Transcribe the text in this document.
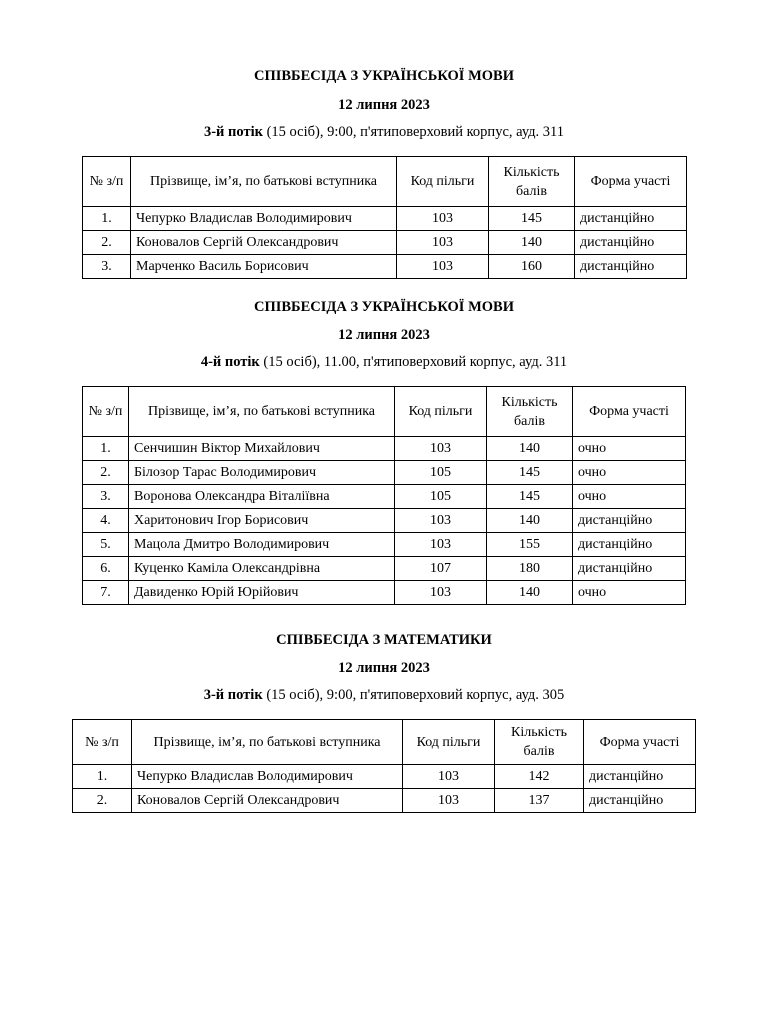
СПІВБЕСІДА З УКРАЇНСЬКОЇ МОВИ
12 липня 2023
3-й потік (15 осіб), 9:00, п'ятиповерховий корпус, ауд. 311
№ з/п	Прізвище, ім’я, по батькові вступника	Код пільги	Кількість балів	Форма участі
1.	Чепурко Владислав Володимирович	103	145	дистанційно
2.	Коновалов Сергій Олександрович	103	140	дистанційно
3.	Марченко Василь Борисович	103	160	дистанційно
СПІВБЕСІДА З УКРАЇНСЬКОЇ МОВИ
12 липня 2023
4-й потік (15 осіб), 11.00, п'ятиповерховий корпус, ауд. 311
№ з/п	Прізвище, ім’я, по батькові вступника	Код пільги	Кількість балів	Форма участі
1.	Сенчишин Віктор Михайлович	103	140	очно
2.	Білозор Тарас Володимирович	105	145	очно
3.	Воронова Олександра Віталіївна	105	145	очно
4.	Харитонович Ігор Борисович	103	140	дистанційно
5.	Мацола Дмитро Володимирович	103	155	дистанційно
6.	Куценко Каміла Олександрівна	107	180	дистанційно
7.	Давиденко Юрій Юрійович	103	140	очно
СПІВБЕСІДА З МАТЕМАТИКИ
12 липня 2023
3-й потік (15 осіб), 9:00, п'ятиповерховий корпус, ауд. 305
№ з/п	Прізвище, ім’я, по батькові вступника	Код пільги	Кількість балів	Форма участі
1.	Чепурко Владислав Володимирович	103	142	дистанційно
2.	Коновалов Сергій Олександрович	103	137	дистанційно
